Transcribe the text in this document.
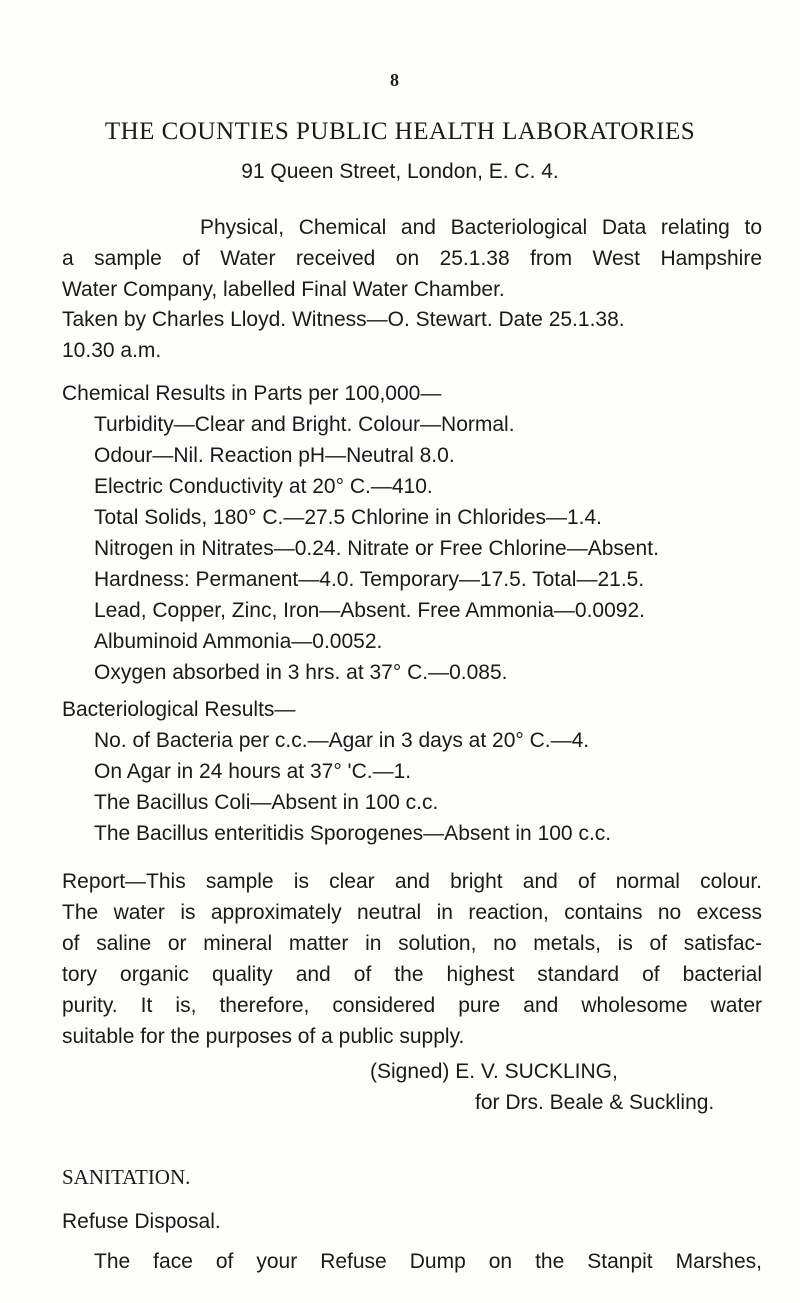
8
THE COUNTIES PUBLIC HEALTH LABORATORIES
91 Queen Street, London, E. C. 4.
Physical, Chemical and Bacteriological Data relating to
a sample of Water received on 25.1.38 from West Hampshire
Water Company, labelled Final Water Chamber.
Taken by Charles Lloyd. Witness—O. Stewart. Date 25.1.38.
10.30 a.m.
Chemical Results in Parts per 100,000—
Turbidity—Clear and Bright. Colour—Normal.
Odour—Nil. Reaction pH—Neutral 8.0.
Electric Conductivity at 20° C.—410.
Total Solids, 180° C.—27.5 Chlorine in Chlorides—1.4.
Nitrogen in Nitrates—0.24. Nitrate or Free Chlorine—Absent.
Hardness: Permanent—4.0. Temporary—17.5. Total—21.5.
Lead, Copper, Zinc, Iron—Absent. Free Ammonia—0.0092.
Albuminoid Ammonia—0.0052.
Oxygen absorbed in 3 hrs. at 37° C.—0.085.
Bacteriological Results—
No. of Bacteria per c.c.—Agar in 3 days at 20° C.—4.
On Agar in 24 hours at 37° 'C.—1.
The Bacillus Coli—Absent in 100 c.c.
The Bacillus enteritidis Sporogenes—Absent in 100 c.c.
Report—This sample is clear and bright and of normal colour.
The water is approximately neutral in reaction, contains no excess
of saline or mineral matter in solution, no metals, is of satisfac-
tory organic quality and of the highest standard of bacterial
purity. It is, therefore, considered pure and wholesome water
suitable for the purposes of a public supply.
(Signed) E. V. SUCKLING,
for Drs. Beale & Suckling.
SANITATION.
Refuse Disposal.
The face of your Refuse Dump on the Stanpit Marshes,
